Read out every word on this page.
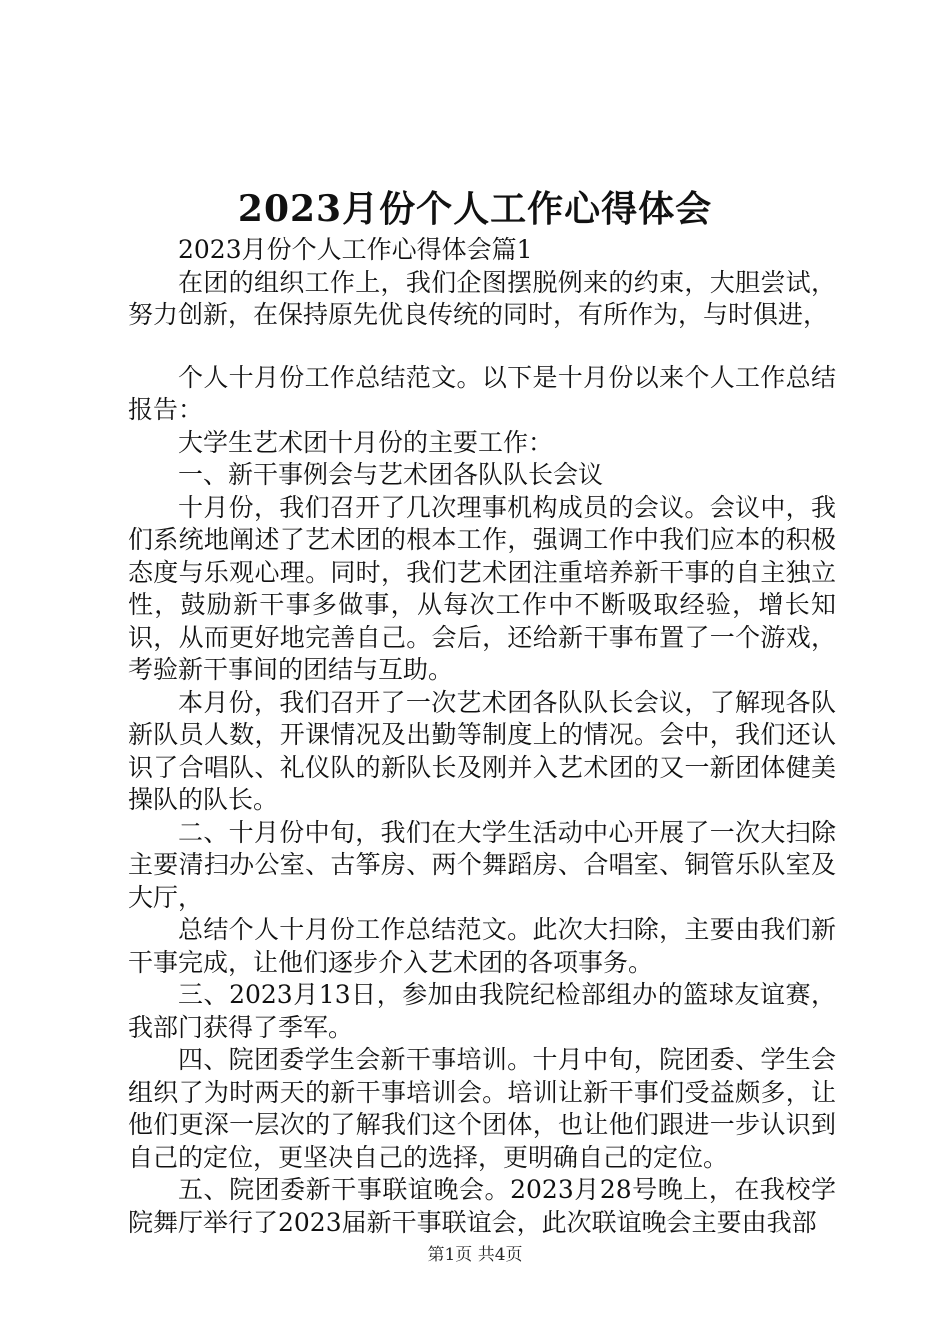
2023月份个人工作心得体会

2023月份个人工作心得体会篇1

在团的组织工作上，我们企图摆脱例来的约束，大胆尝试，努力创新，在保持原先优良传统的同时，有所作为，与时俱进，

个人十月份工作总结范文。以下是十月份以来个人工作总结报告：

大学生艺术团十月份的主要工作：

一、新干事例会与艺术团各队队长会议

十月份，我们召开了几次理事机构成员的会议。会议中，我们系统地阐述了艺术团的根本工作，强调工作中我们应本的积极态度与乐观心理。同时，我们艺术团注重培养新干事的自主独立性，鼓励新干事多做事，从每次工作中不断吸取经验，增长知识，从而更好地完善自己。会后，还给新干事布置了一个游戏，考验新干事间的团结与互助。

本月份，我们召开了一次艺术团各队队长会议，了解现各队新队员人数，开课情况及出勤等制度上的情况。会中，我们还认识了合唱队、礼仪队的新队长及刚并入艺术团的又一新团体健美操队的队长。

二、十月份中旬，我们在大学生活动中心开展了一次大扫除主要清扫办公室、古筝房、两个舞蹈房、合唱室、铜管乐队室及大厅，

总结个人十月份工作总结范文。此次大扫除，主要由我们新干事完成，让他们逐步介入艺术团的各项事务。

三、2023月13日，参加由我院纪检部组办的篮球友谊赛，我部门获得了季军。

四、院团委学生会新干事培训。十月中旬，院团委、学生会组织了为时两天的新干事培训会。培训让新干事们受益颇多，让他们更深一层次的了解我们这个团体，也让他们跟进一步认识到自己的定位，更坚决自己的选择，更明确自己的定位。

五、院团委新干事联谊晚会。2023月28号晚上，在我校学院舞厅举行了2023届新干事联谊会，此次联谊晚会主要由我部

第1页 共4页
